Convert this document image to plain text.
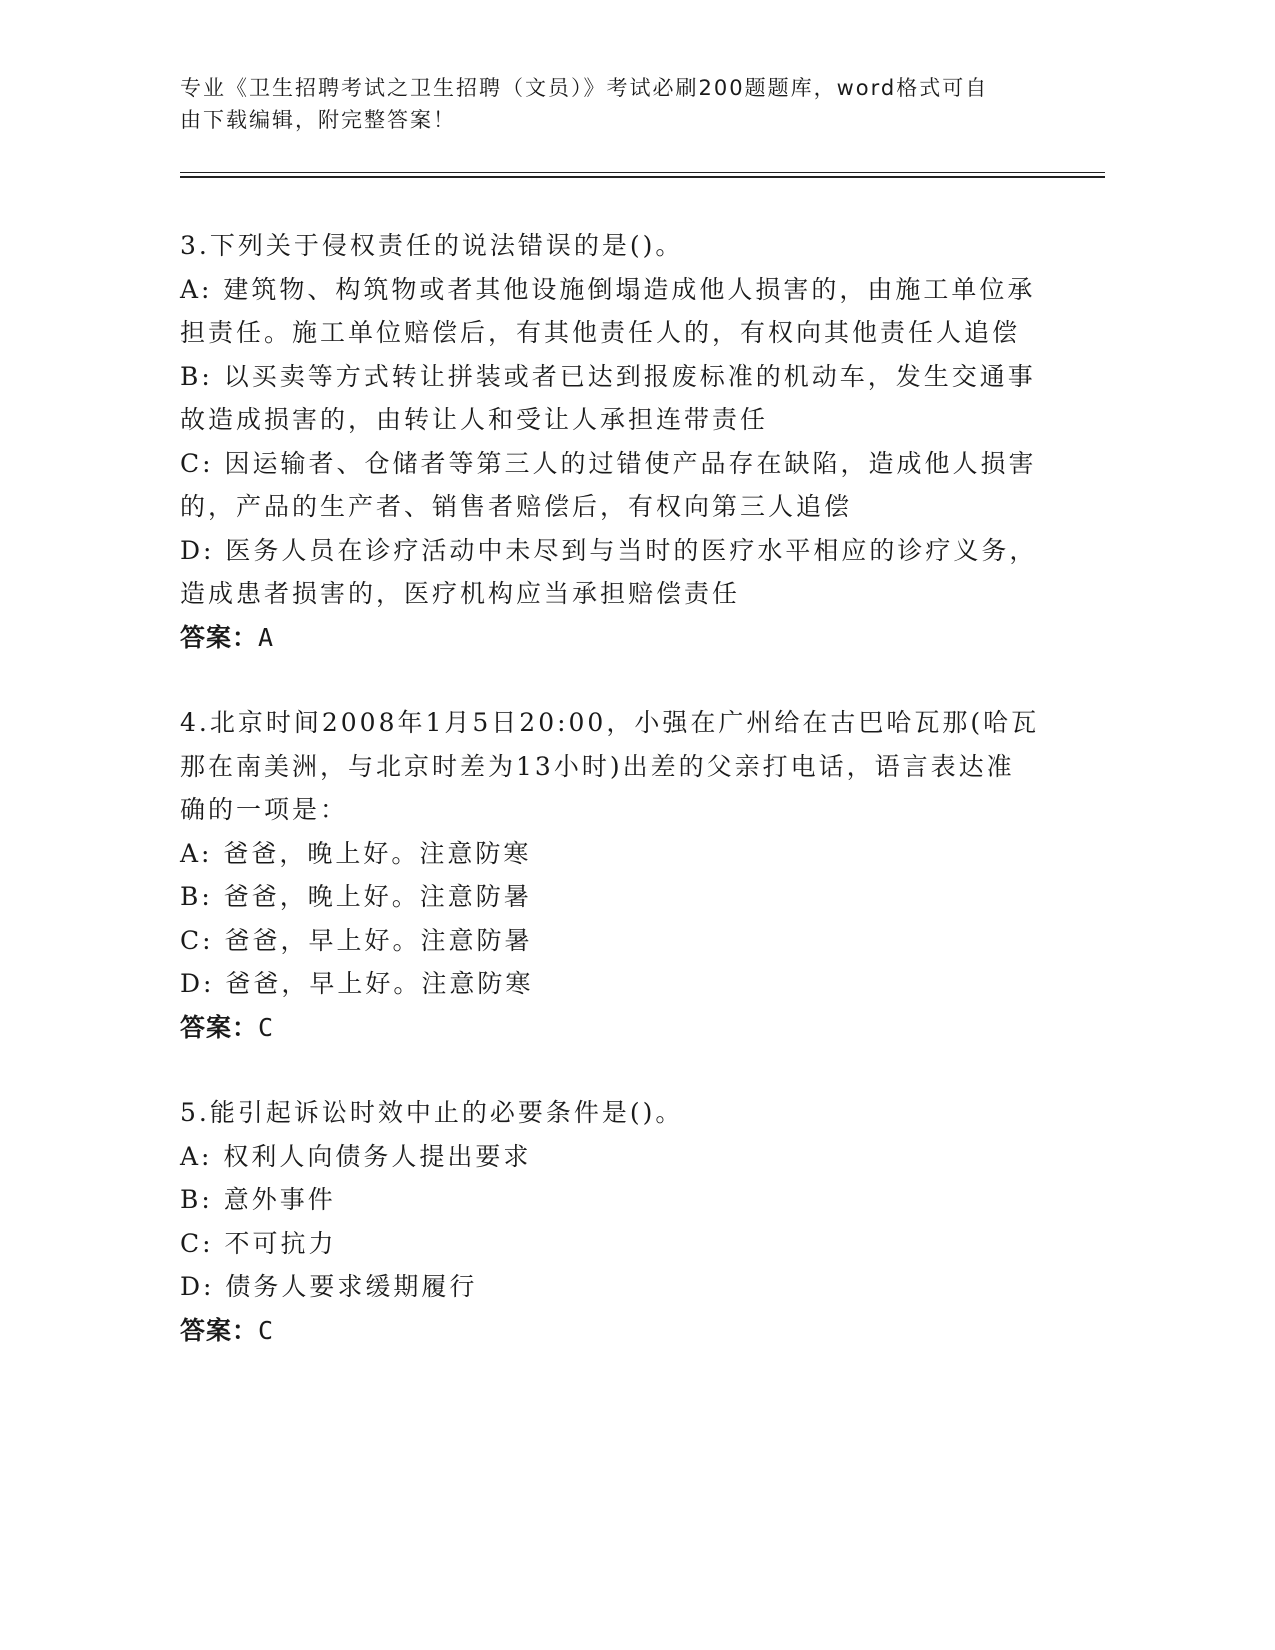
专业《卫生招聘考试之卫生招聘（文员）》考试必刷200题题库，word格式可自
由下载编辑，附完整答案！

3.下列关于侵权责任的说法错误的是()。

A: 建筑物、构筑物或者其他设施倒塌造成他人损害的，由施工单位承

担责任。施工单位赔偿后，有其他责任人的，有权向其他责任人追偿

B: 以买卖等方式转让拼装或者已达到报废标准的机动车，发生交通事

故造成损害的，由转让人和受让人承担连带责任

C: 因运输者、仓储者等第三人的过错使产品存在缺陷，造成他人损害

的，产品的生产者、销售者赔偿后，有权向第三人追偿

D: 医务人员在诊疗活动中未尽到与当时的医疗水平相应的诊疗义务，

造成患者损害的，医疗机构应当承担赔偿责任

答案：A

4.北京时间2008年1月5日20:00，小强在广州给在古巴哈瓦那(哈瓦

那在南美洲，与北京时差为13小时)出差的父亲打电话，语言表达准

确的一项是：

A: 爸爸，晚上好。注意防寒

B: 爸爸，晚上好。注意防暑

C: 爸爸，早上好。注意防暑

D: 爸爸，早上好。注意防寒

答案：C

5.能引起诉讼时效中止的必要条件是()。

A: 权利人向债务人提出要求

B: 意外事件

C: 不可抗力

D: 债务人要求缓期履行

答案：C
